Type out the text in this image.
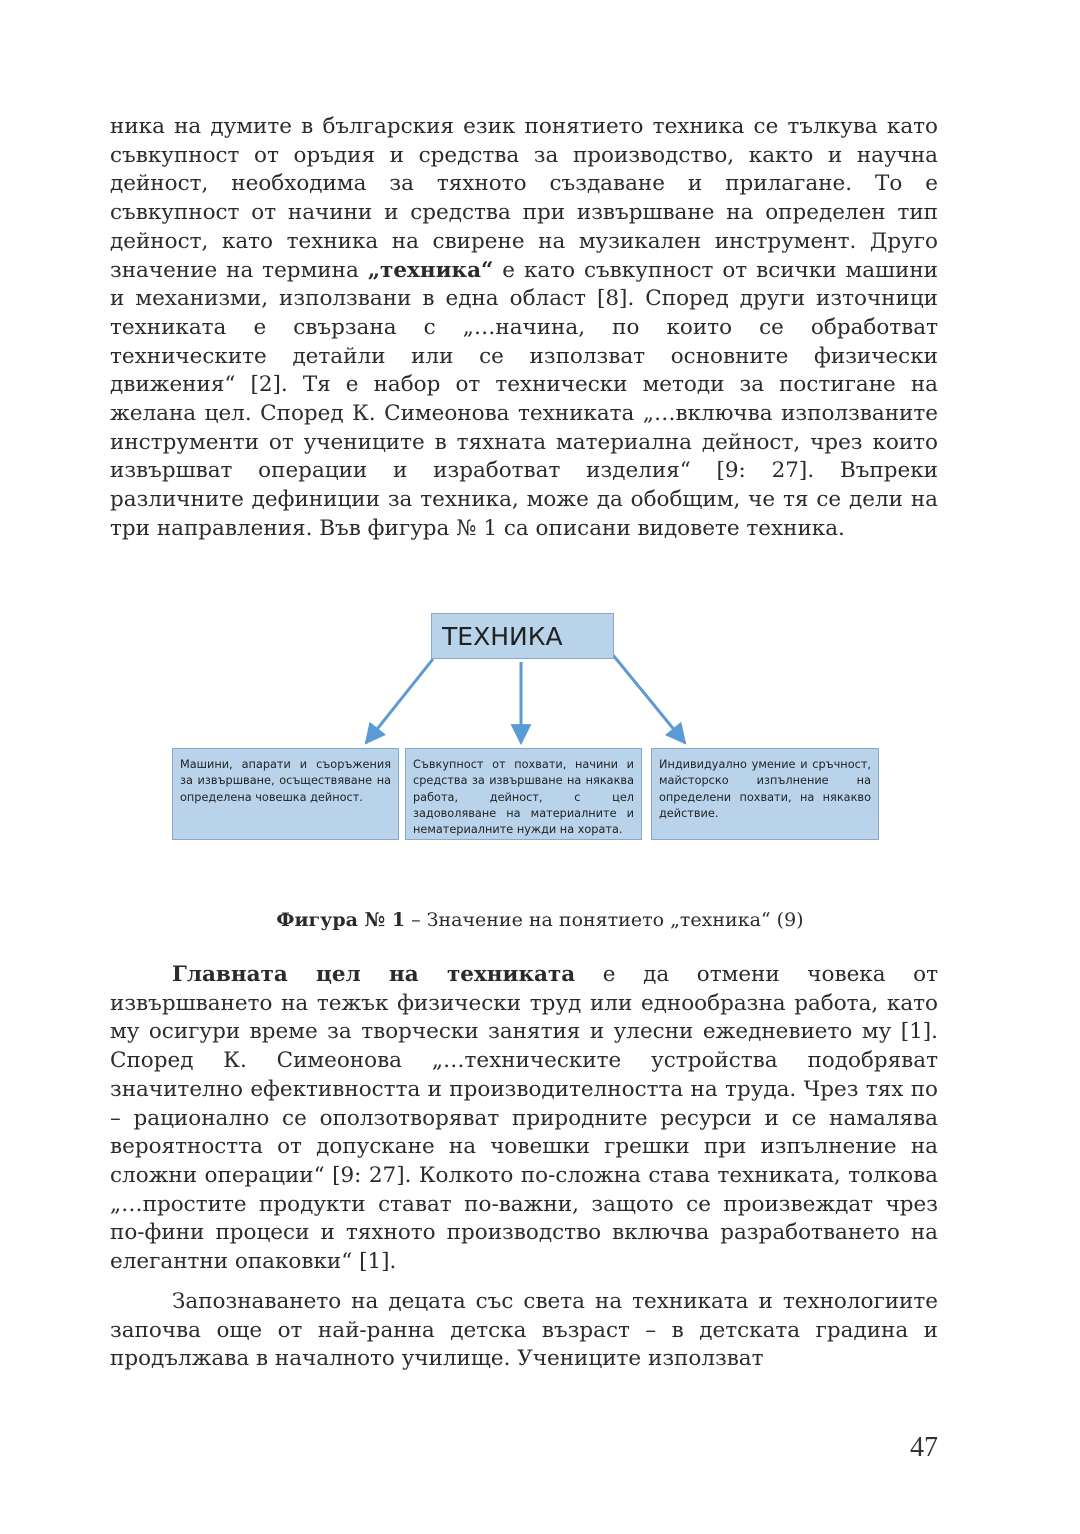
ника на думите в българския език понятието техника се тълкува като съвкупност от оръдия и средства за производство, както и научна дейност, необходима за тяхното създаване и прилагане. То е съвкупност от начини и средства при извършване на определен тип дейност, като техника на свирене на музикален инструмент. Друго значение на термина „техника“ е като съвкупност от всички машини и механизми, използвани в една област [8]. Според други източници техниката е свързана с „…начина, по които се обработват техническите детайли или се използват основните физически движения“ [2]. Тя е набор от технически методи за постигане на желана цел. Според К. Симеонова техниката „…включва използваните инструменти от учениците в тяхната материална дейност, чрез които извършват операции и изработват изделия“ [9: 27]. Въпреки различните дефиниции за техника, може да обобщим, че тя се дели на три направления. Във фигура № 1 са описани видовете техника.

ТЕХНИКА
Машини, апарати и съоръжения за извършване, осъществяване на определена човешка дейност.
Съвкупност от похвати, начини и средства за извършване на някаква работа, дейност, с цел задоволяване на материалните и нематериалните нужди на хората.
Индивидуално умение и сръчност, майсторско изпълнение на определени похвати, на някакво действие.
Фигура № 1 – Значение на понятието „техника“ (9)

Главната цел на техниката е да отмени човека от извършването на тежък физически труд или еднообразна работа, като му осигури време за творчески занятия и улесни ежедневието му [1]. Според К. Симеонова „…техническите устройства подобряват значително ефективността и производителността на труда. Чрез тях по – рационално се оползотворяват природните ресурси и се намалява вероятността от допускане на човешки грешки при изпълнение на сложни операции“ [9: 27]. Колкото по-сложна става техниката, толкова „…простите продукти стават по-важни, защото се произвеждат чрез по-фини процеси и тяхното производство включва разработването на елегантни опаковки“ [1].

Запознаването на децата със света на техниката и технологиите започва още от най-ранна детска възраст – в детската градина и продължава в началното училище. Учениците използват

47
